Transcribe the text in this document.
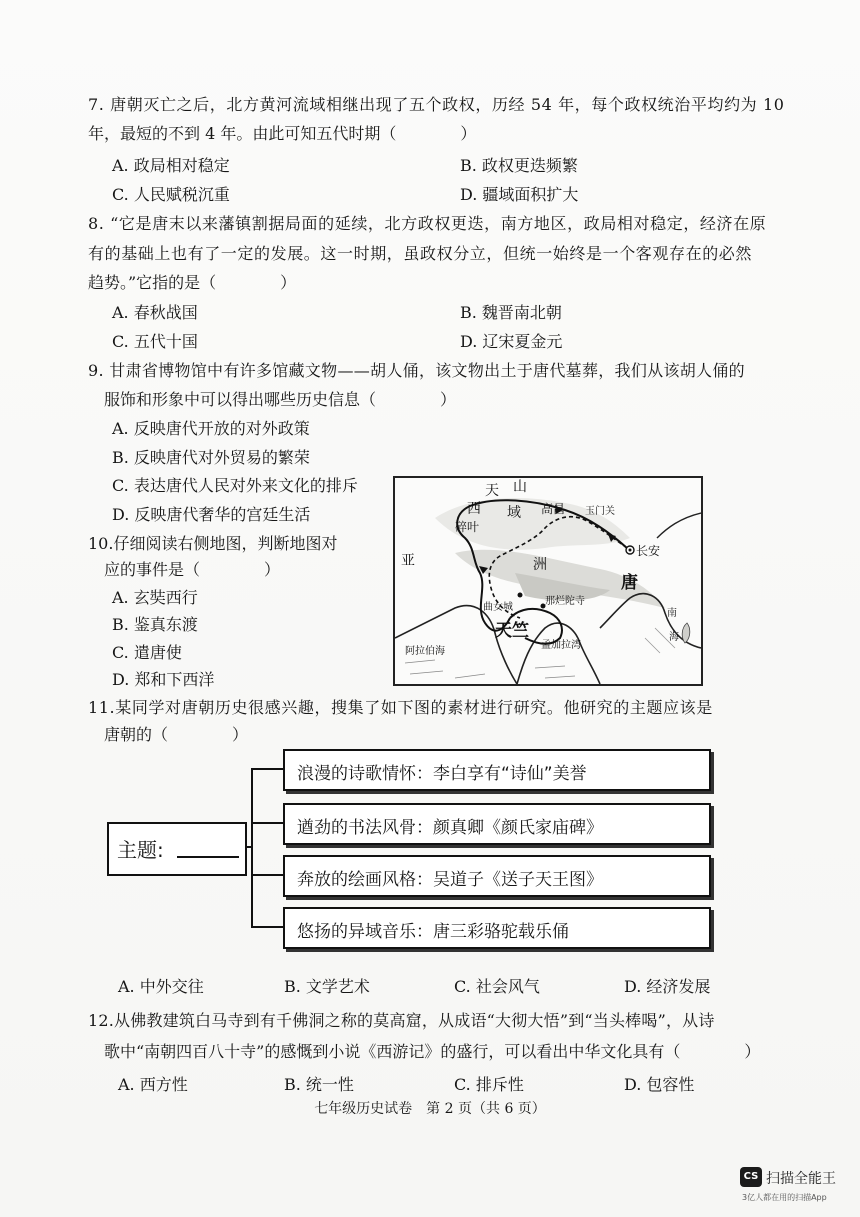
7. 唐朝灭亡之后，北方黄河流域相继出现了五个政权，历经 54 年，每个政权统治平均约为 10
年，最短的不到 4 年。由此可知五代时期（　　　　）
A. 政局相对稳定	B. 政权更迭频繁
C. 人民赋税沉重	D. 疆域面积扩大
8. “它是唐末以来藩镇割据局面的延续，北方政权更迭，南方地区，政局相对稳定，经济在原
有的基础上也有了一定的发展。这一时期，虽政权分立，但统一始终是一个客观存在的必然
趋势。”它指的是（　　　　）
A. 春秋战国	B. 魏晋南北朝
C. 五代十国	D. 辽宋夏金元
9. 甘肃省博物馆中有许多馆藏文物——胡人俑，该文物出土于唐代墓葬，我们从该胡人俑的
服饰和形象中可以得出哪些历史信息（　　　　）
A. 反映唐代开放的对外政策
B. 反映唐代对外贸易的繁荣
C. 表达唐代人民对外来文化的排斥
D. 反映唐代奢华的宫廷生活
10.仔细阅读右侧地图，判断地图对
应的事件是（　　　　）
A. 玄奘西行
B. 鉴真东渡
C. 遣唐使
D. 郑和下西洋
天 山
西 域
碎叶
高昌 玉门关
长安
亚	洲
唐
曲女城
那烂陀寺
天竺
孟加拉湾
阿拉伯海
南
海
11.某同学对唐朝历史很感兴趣，搜集了如下图的素材进行研究。他研究的主题应该是
唐朝的（　　　　）
主题:
浪漫的诗歌情怀：李白享有“诗仙”美誉
遒劲的书法风骨：颜真卿《颜氏家庙碑》
奔放的绘画风格：吴道子《送子天王图》
悠扬的异域音乐：唐三彩骆驼载乐俑
A. 中外交往	B. 文学艺术	C. 社会风气	D. 经济发展
12.从佛教建筑白马寺到有千佛洞之称的莫高窟，从成语“大彻大悟”到“当头棒喝”，从诗
歌中“南朝四百八十寺”的感慨到小说《西游记》的盛行，可以看出中华文化具有（　　　　）
A. 西方性	B. 统一性	C. 排斥性	D. 包容性
七年级历史试卷　第 2 页（共 6 页）
CS 扫描全能王
3亿人都在用的扫描App
